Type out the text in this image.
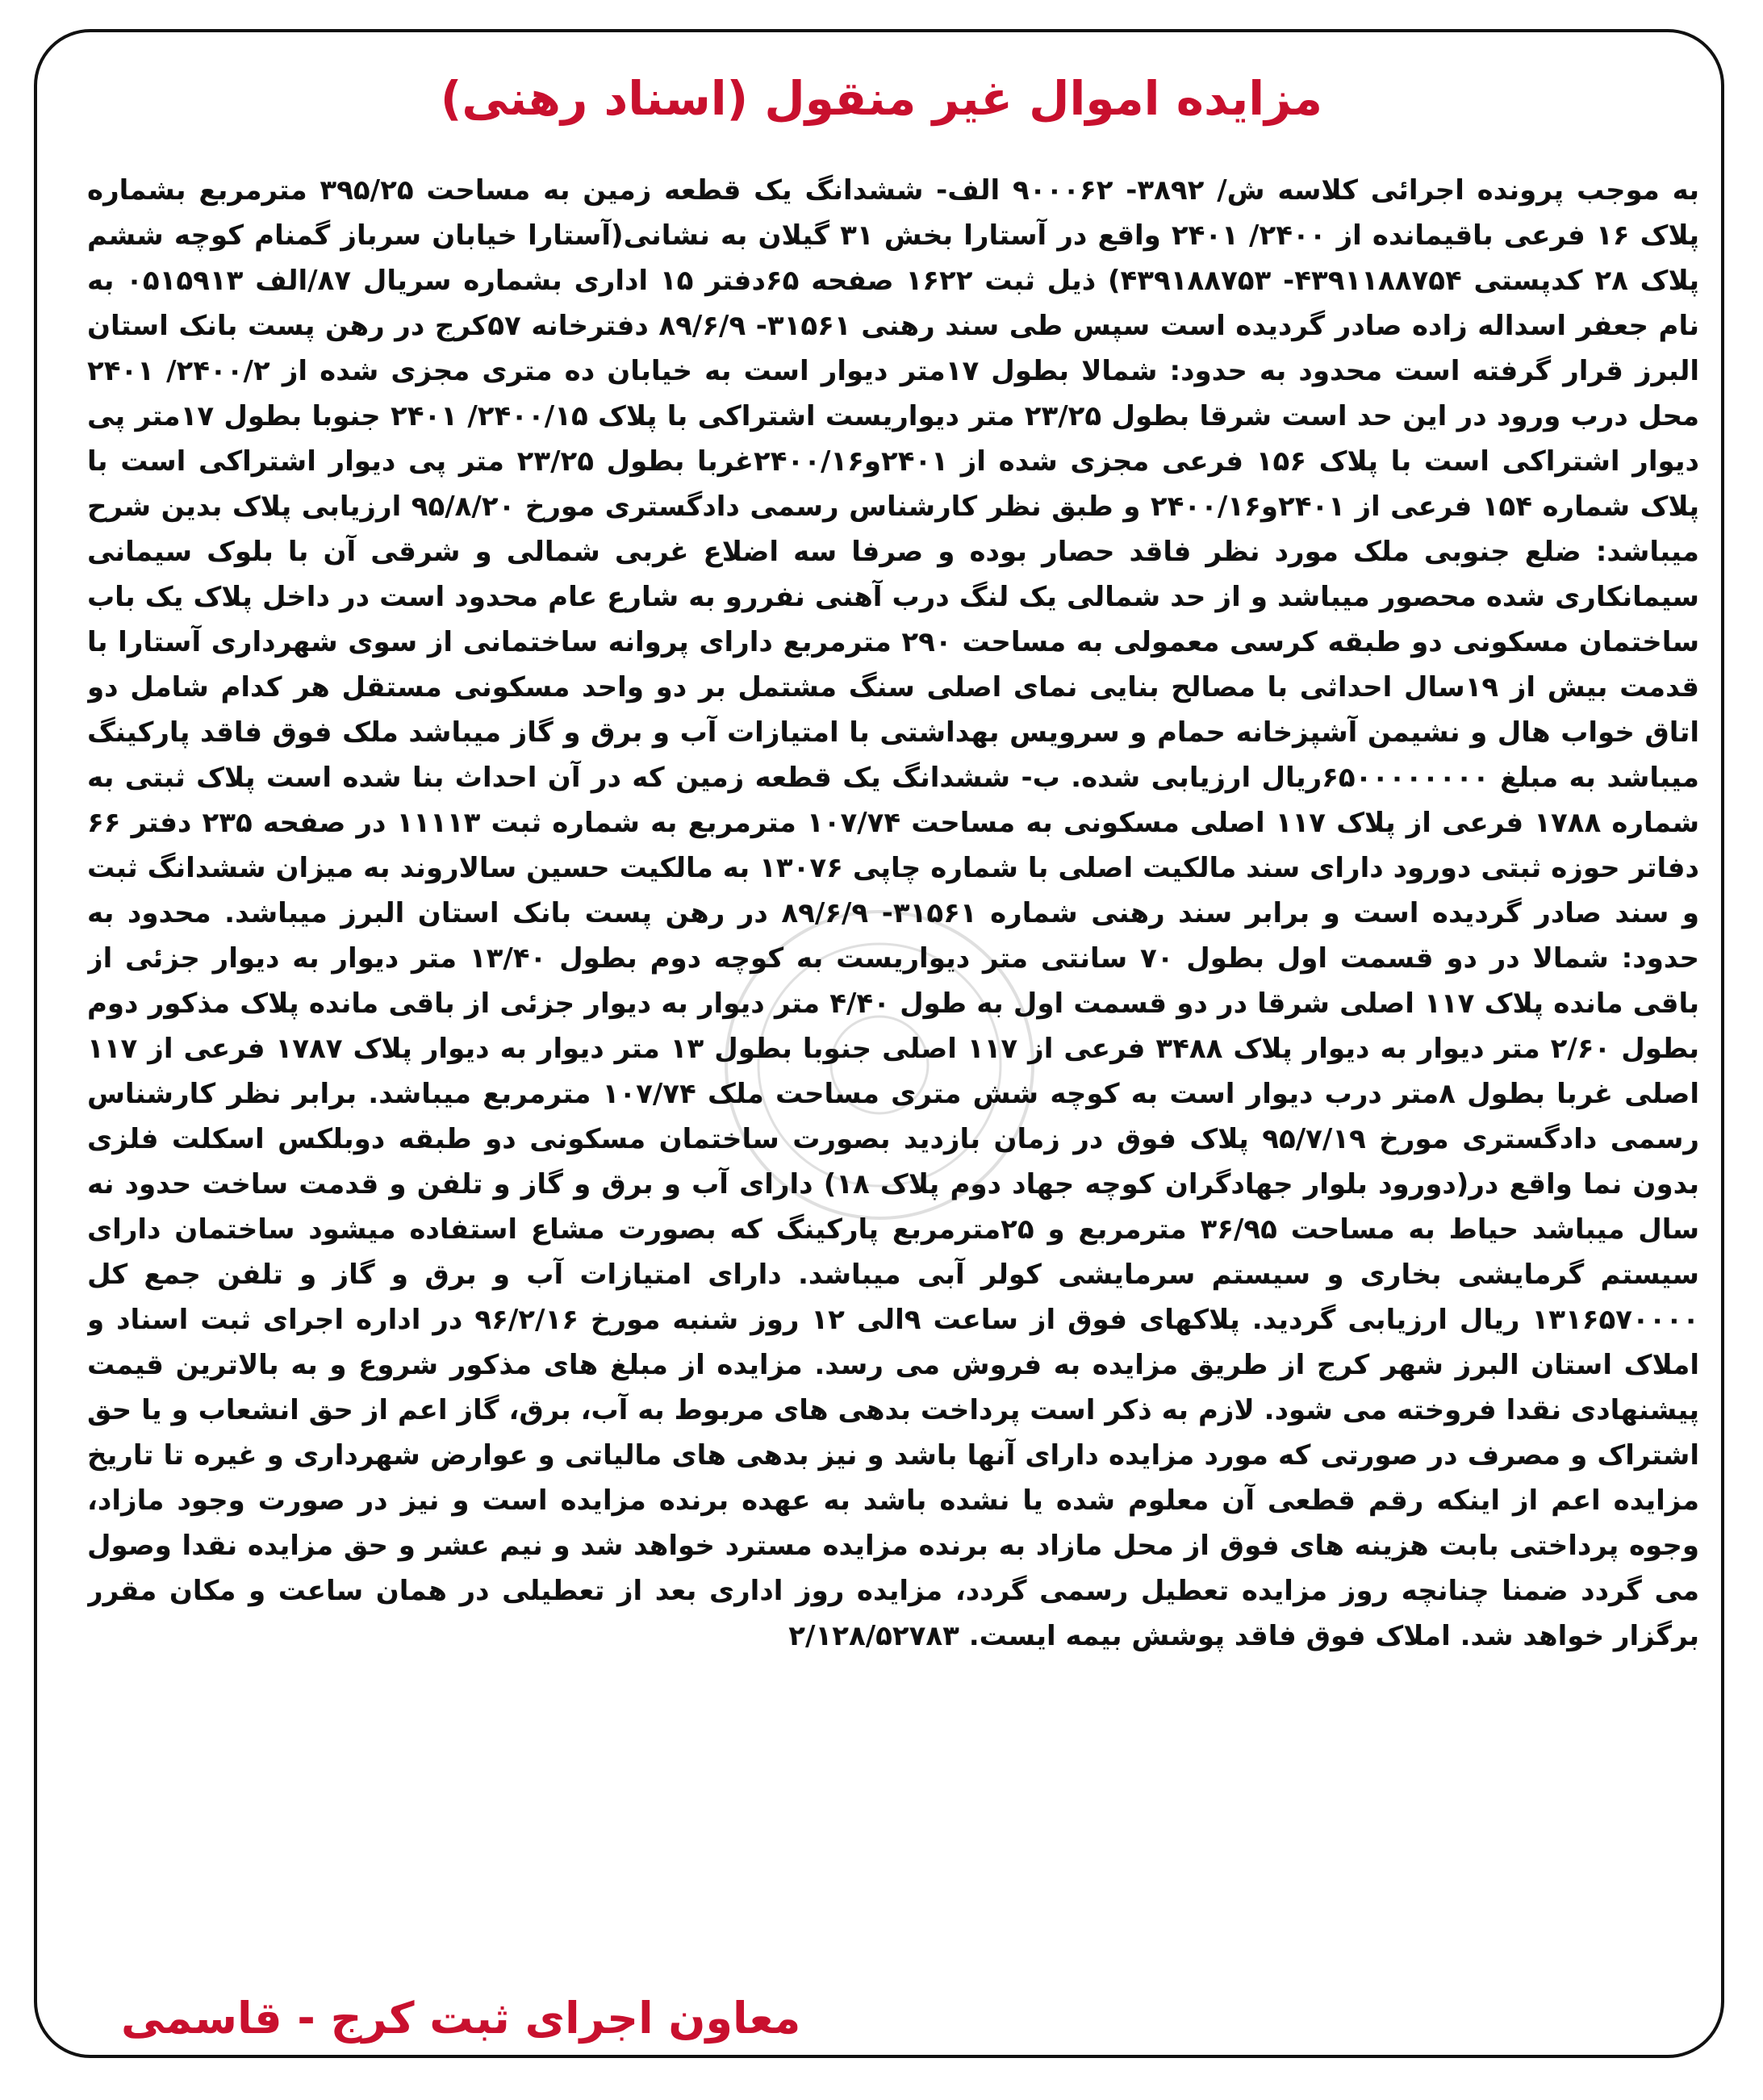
مزایده اموال غیر منقول (اسناد رهنی)
به موجب پرونده اجرائی کلاسه ش/ ۳۸۹۲- ۹۰۰۰۶۲ الف- ششدانگ یک قطعه زمین به مساحت ۳۹۵/۲۵ مترمربع بشماره پلاک ۱۶ فرعی باقیمانده از ۲۴۰۰/ ۲۴۰۱ واقع در آستارا بخش ۳۱ گیلان به نشانی(آستارا خیابان سرباز گمنام کوچه ششم پلاک ۲۸ کدپستی ۴۳۹۱۱۸۸۷۵۴- ۴۳۹۱۸۸۷۵۳) ذیل ثبت ۱۶۲۲ صفحه ۶۵دفتر ۱۵ اداری بشماره سریال ۸۷/الف ۰۵۱۵۹۱۳ به نام جعفر اسداله زاده صادر گردیده است سپس طی سند رهنی ۳۱۵۶۱- ۸۹/۶/۹ دفترخانه ۵۷کرج در رهن پست بانک استان البرز قرار گرفته است محدود به حدود: شمالا بطول ۱۷متر دیوار است به خیابان ده متری مجزی شده از ۲۴۰۰/۲/ ۲۴۰۱ محل درب ورود در این حد است شرقا بطول ۲۳/۲۵ متر دیواریست اشتراکی با پلاک ۲۴۰۰/۱۵/ ۲۴۰۱ جنوبا بطول ۱۷متر پی دیوار اشتراکی است با پلاک ۱۵۶ فرعی مجزی شده از ۲۴۰۱و۲۴۰۰/۱۶غربا بطول ۲۳/۲۵ متر پی دیوار اشتراکی است با پلاک شماره ۱۵۴ فرعی از ۲۴۰۱و۲۴۰۰/۱۶ و طبق نظر کارشناس رسمی دادگستری مورخ ۹۵/۸/۲۰ ارزیابی پلاک بدین شرح میباشد: ضلع جنوبی ملک مورد نظر فاقد حصار بوده و صرفا سه اضلاع غربی شمالی و شرقی آن با بلوک سیمانی سیمانکاری شده محصور میباشد و از حد شمالی یک لنگ درب آهنی نفررو به شارع عام محدود است در داخل پلاک یک باب ساختمان مسکونی دو طبقه کرسی معمولی به مساحت ۲۹۰ مترمربع دارای پروانه ساختمانی از سوی شهرداری آستارا با قدمت بیش از ۱۹سال احداثی با مصالح بنایی نمای اصلی سنگ مشتمل بر دو واحد مسکونی مستقل هر کدام شامل دو اتاق خواب هال و نشیمن آشپزخانه حمام و سرویس بهداشتی با امتیازات آب و برق و گاز میباشد ملک فوق فاقد پارکینگ میباشد به مبلغ ۶۵۰۰۰۰۰۰۰۰ریال ارزیابی شده. ب- ششدانگ یک قطعه زمین که در آن احداث بنا شده است پلاک ثبتی به شماره ۱۷۸۸ فرعی از پلاک ۱۱۷ اصلی مسکونی به مساحت ۱۰۷/۷۴ مترمربع به شماره ثبت ۱۱۱۱۳ در صفحه ۲۳۵ دفتر ۶۶ دفاتر حوزه ثبتی دورود دارای سند مالکیت اصلی با شماره چاپی ۱۳۰۷۶ به مالکیت حسین سالاروند به میزان ششدانگ ثبت و سند صادر گردیده است و برابر سند رهنی شماره ۳۱۵۶۱- ۸۹/۶/۹ در رهن پست بانک استان البرز میباشد. محدود به حدود: شمالا در دو قسمت اول بطول ۷۰ سانتی متر دیواریست به کوچه دوم بطول ۱۳/۴۰ متر دیوار به دیوار جزئی از باقی مانده پلاک ۱۱۷ اصلی شرقا در دو قسمت اول به طول ۴/۴۰ متر دیوار به دیوار جزئی از باقی مانده پلاک مذکور دوم بطول ۲/۶۰ متر دیوار به دیوار پلاک ۳۴۸۸ فرعی از ۱۱۷ اصلی جنوبا بطول ۱۳ متر دیوار به دیوار پلاک ۱۷۸۷ فرعی از ۱۱۷ اصلی غربا بطول ۸متر درب دیوار است به کوچه شش متری مساحت ملک ۱۰۷/۷۴ مترمربع میباشد. برابر نظر کارشناس رسمی دادگستری مورخ ۹۵/۷/۱۹ پلاک فوق در زمان بازدید بصورت ساختمان مسکونی دو طبقه دوبلکس اسکلت فلزی بدون نما واقع در(دورود بلوار جهادگران کوچه جهاد دوم پلاک ۱۸) دارای آب و برق و گاز و تلفن و قدمت ساخت حدود نه سال میباشد حیاط به مساحت ۳۶/۹۵ مترمربع و ۲۵مترمربع پارکینگ که بصورت مشاع استفاده میشود ساختمان دارای سیستم گرمایشی بخاری و سیستم سرمایشی کولر آبی میباشد. دارای امتیازات آب و برق و گاز و تلفن جمع کل ۱۳۱۶۵۷۰۰۰۰ ریال ارزیابی گردید. پلاکهای فوق از ساعت ۹الی ۱۲ روز شنبه مورخ ۹۶/۲/۱۶ در اداره اجرای ثبت اسناد و املاک استان البرز شهر کرج از طریق مزایده به فروش می رسد. مزایده از مبلغ های مذکور شروع و به بالاترین قیمت پیشنهادی نقدا فروخته می شود. لازم به ذکر است پرداخت بدهی های مربوط به آب، برق، گاز اعم از حق انشعاب و یا حق اشتراک و مصرف در صورتی که مورد مزایده دارای آنها باشد و نیز بدهی های مالیاتی و عوارض شهرداری و غیره تا تاریخ مزایده اعم از اینکه رقم قطعی آن معلوم شده یا نشده باشد به عهده برنده مزایده است و نیز در صورت وجود مازاد، وجوه پرداختی بابت هزینه های فوق از محل مازاد به برنده مزایده مسترد خواهد شد و نیم عشر و حق مزایده نقدا وصول می گردد ضمنا چنانچه روز مزایده تعطیل رسمی گردد، مزایده روز اداری بعد از تعطیلی در همان ساعت و مکان مقرر برگزار خواهد شد. املاک فوق فاقد پوشش بیمه ایست. ۲/۱۲۸/۵۲۷۸۳
معاون اجرای ثبت کرج - قاسمی
